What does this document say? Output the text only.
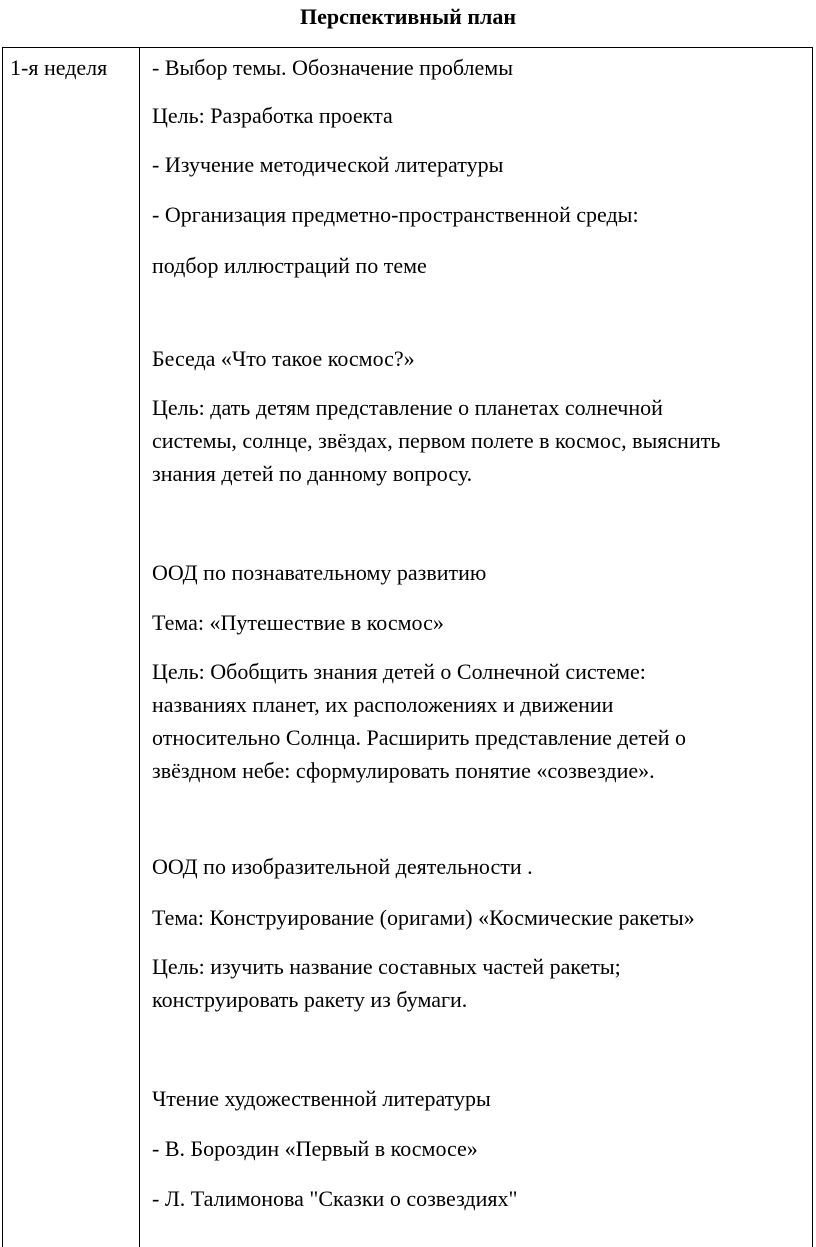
Перспективный план
1-я неделя - Выбор темы. Обозначение проблемы
Цель: Разработка проекта
- Изучение методической литературы
- Организация предметно-пространственной среды:
подбор иллюстраций по теме
Беседа «Что такое космос?»
Цель: дать детям представление о планетах солнечной
системы, солнце, звёздах, первом полете в космос, выяснить
знания детей по данному вопросу.
ООД по познавательному развитию
Тема: «Путешествие в космос»
Цель: Обобщить знания детей о Солнечной системе:
названиях планет, их расположениях и движении
относительно Солнца. Расширить представление детей о
звёздном небе: сформулировать понятие «созвездие».
ООД по изобразительной деятельности .
Тема: Конструирование (оригами) «Космические ракеты»
Цель: изучить название составных частей ракеты;
конструировать ракету из бумаги.
Чтение художественной литературы
- В. Бороздин «Первый в космосе»
- Л. Талимонова "Сказки о созвездиях"
